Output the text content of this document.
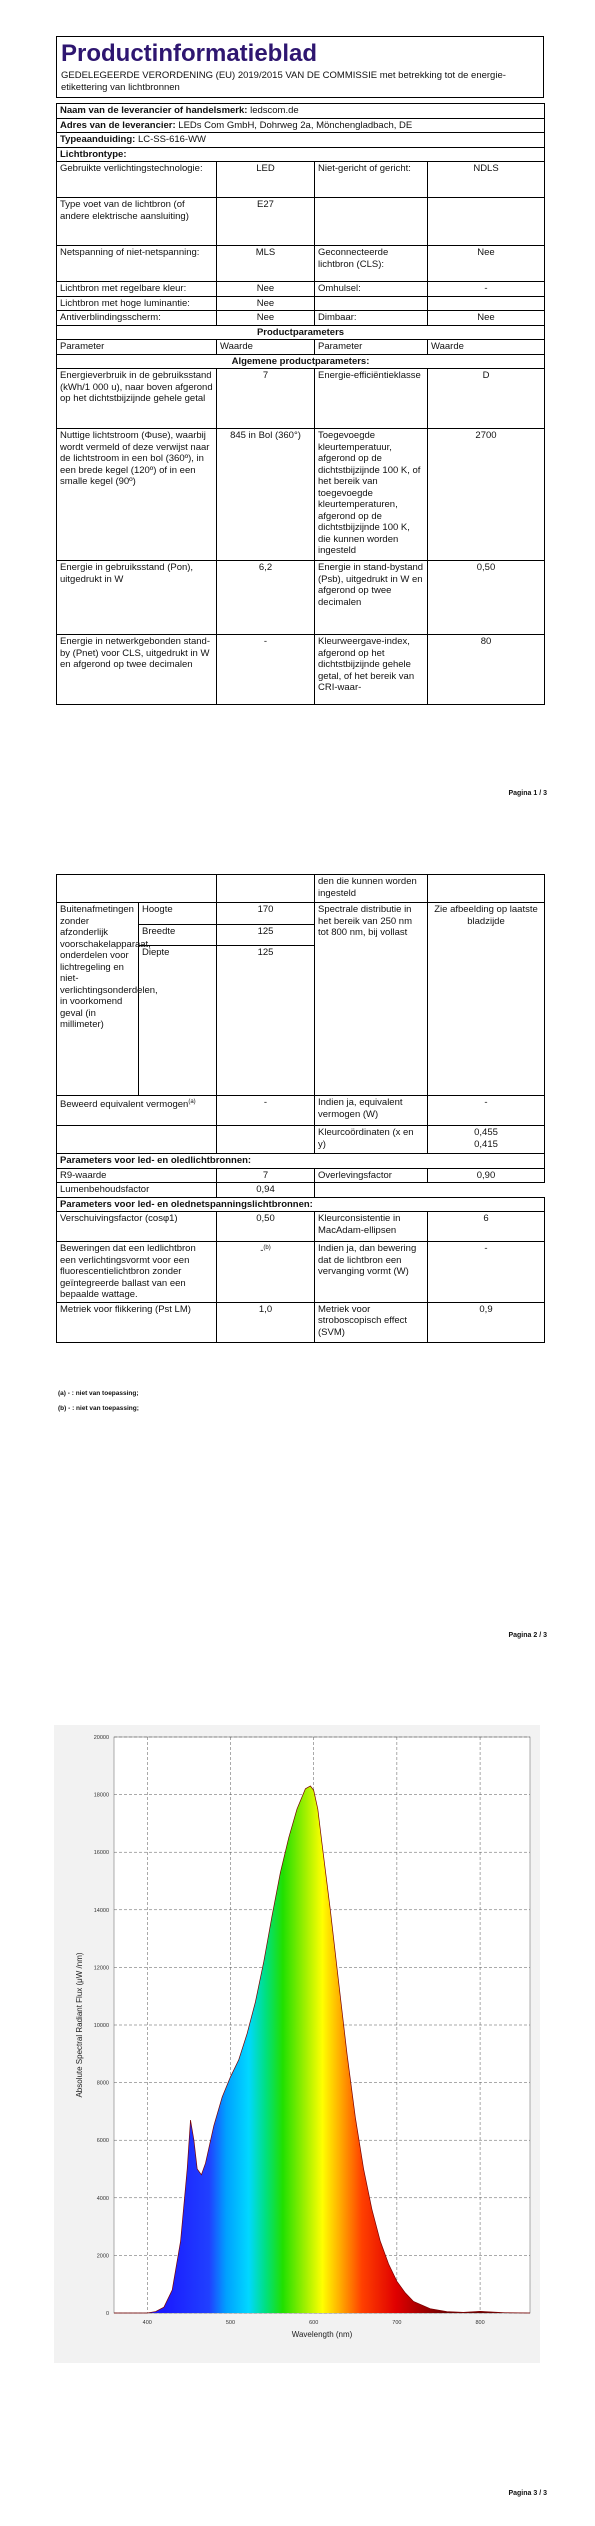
Productinformatieblad

GEDELEGEERDE VERORDENING (EU) 2019/2015 VAN DE COMMISSIE met betrekking tot de energie-etikettering van lichtbronnen

Naam van de leverancier of handelsmerk: ledscom.de			
Adres van de leverancier: LEDs Com GmbH, Dohrweg 2a, Mönchengladbach, DE			
Typeaanduiding: LC-SS-616-WW			
Lichtbrontype:			
Gebruikte verlichtingstechnologie:	LED	Niet-gericht of gericht:	NDLS
Type voet van de lichtbron (of andere elektrische aansluiting)	E27		
Netspanning of niet-netspanning:	MLS	Geconnecteerde lichtbron (CLS):	Nee
Lichtbron met regelbare kleur:	Nee	Omhulsel:	-
Lichtbron met hoge luminantie:	Nee		
Antiverblindingsscherm:	Nee	Dimbaar:	Nee
Productparameters			
Parameter	Waarde	Parameter	Waarde
Algemene productparameters:			
Energieverbruik in de gebruiksstand (kWh/1 000 u), naar boven afgerond op het dichtstbijzijnde gehele getal	7	Energie-efficiëntieklasse	D
Nuttige lichtstroom (Φuse), waarbij wordt vermeld of deze verwijst naar de lichtstroom in een bol (360º), in een brede kegel (120º) of in een smalle kegel (90º)	845 in Bol (360°)	Toegevoegde kleurtemperatuur, afgerond op de dichtstbijzijnde 100 K, of het bereik van toegevoegde kleurtemperaturen, afgerond op de dichtstbijzijnde 100 K, die kunnen worden ingesteld	2700
Energie in gebruiksstand (Pon), uitgedrukt in W	6,2	Energie in stand-bystand (Psb), uitgedrukt in W en afgerond op twee decimalen	0,50
Energie in netwerkgebonden stand-by (Pnet) voor CLS, uitgedrukt in W en afgerond op twee decimalen	-	Kleurweergave-index, afgerond op het dichtstbijzijnde gehele getal, of het bereik van CRI-waar-	80
Pagina 1 / 3
			den die kunnen worden ingesteld	
Buitenafmetingen zonder afzonderlijk voorschakelapparaat, onderdelen voor lichtregeling en niet-verlichtingsonderdelen, in voorkomend geval (in millimeter)	Hoogte	170	Spectrale distributie in het bereik van 250 nm tot 800 nm, bij vollast	Zie afbeelding op laatste bladzijde
	Breedte	125		
	Diepte	125		
Beweerd equivalent vermogen$^{(a)}$		-	Indien ja, equivalent vermogen (W)	-
			Kleurcoördinaten (x en y)	0,455
0,415
Parameters voor led- en oledlichtbronnen:				
R9-waarde		7	Overlevingsfactor	0,90
Lumenbehoudsfactor		0,94		
Parameters voor led- en olednetspanningslichtbronnen:				
Verschuivingsfactor (cosφ1)		0,50	Kleurconsistentie in MacAdam-ellipsen	6
Beweringen dat een ledlichtbron een verlichtingsvormt voor een fluorescentielichtbron zonder geïntegreerde ballast van een bepaalde wattage.		-$^{(b)}$	Indien ja, dan bewering dat de lichtbron een vervanging vormt (W)	-
Metriek voor flikkering (Pst LM)		1,0	Metriek voor stroboscopisch effect (SVM)	0,9
(a) - : niet van toepassing;
(b) - : niet van toepassing;
Pagina 2 / 3
0
2000
4000
6000
8000
10000
12000
14000
16000
18000
20000
400	500	600	700	800
Wavelength (nm)
Absolute Spectral Radiant Flux (μW /nm)
Pagina 3 / 3
